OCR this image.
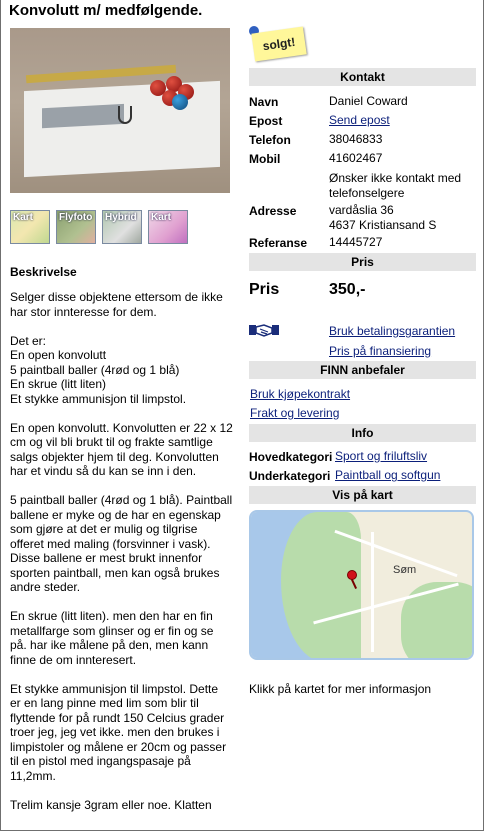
Konvolutt m/ medfølgende.
Kart	Flyfoto Hybrid Kart
Beskrivelse

Selger disse objektene ettersom de ikke
har stor innteresse for dem.

Det er:
En open konvolutt
5 paintball baller (4rød og 1 blå)
En skrue (litt liten)
Et stykke ammunisjon til limpstol.

En open konvolutt. Konvolutten er 22 x 12
cm og vil bli brukt til og frakte samtlige
salgs objekter hjem til deg. Konvolutten
har et vindu så du kan se inn i den.

5 paintball baller (4rød og 1 blå). Paintball
ballene er myke og de har en egenskap
som gjøre at det er mulig og tilgrise
offeret med maling (forsvinner i vask).
Disse ballene er mest brukt innenfor
sporten paintball, men kan også brukes
andre steder.

En skrue (litt liten). men den har en fin
metallfarge som glinser og er fin og se
på. har ike målene på den, men kann
finne de om innteresert.

Et stykke ammunisjon til limpstol. Dette
er en lang pinne med lim som blir til
flyttende for på rundt 150 Celcius grader
troer jeg, jeg vet ikke. men den brukes i
limpistoler og målene er 20cm og passer
til en pistol med ingangspasaje på
11,2mm.

Trelim kansje 3gram eller noe. Klatten

solgt!
Kontakt
Navn	Daniel Coward
Epost	Send epost
Telefon	38046833
Mobil	41602467
Ønsker ikke kontakt med
telefonselgere
Adresse	vardåslia 36
4637 Kristiansand S
Referanse 14445727
Pris
Pris	350,-
Bruk betalingsgarantien
Pris på finansiering
FINN anbefaler
Bruk kjøpekontrakt
Frakt og levering
Info
Hovedkategori Sport og friluftsliv
Underkategori Paintball og softgun
Vis på kart
Søm
Klikk på kartet for mer informasjon
